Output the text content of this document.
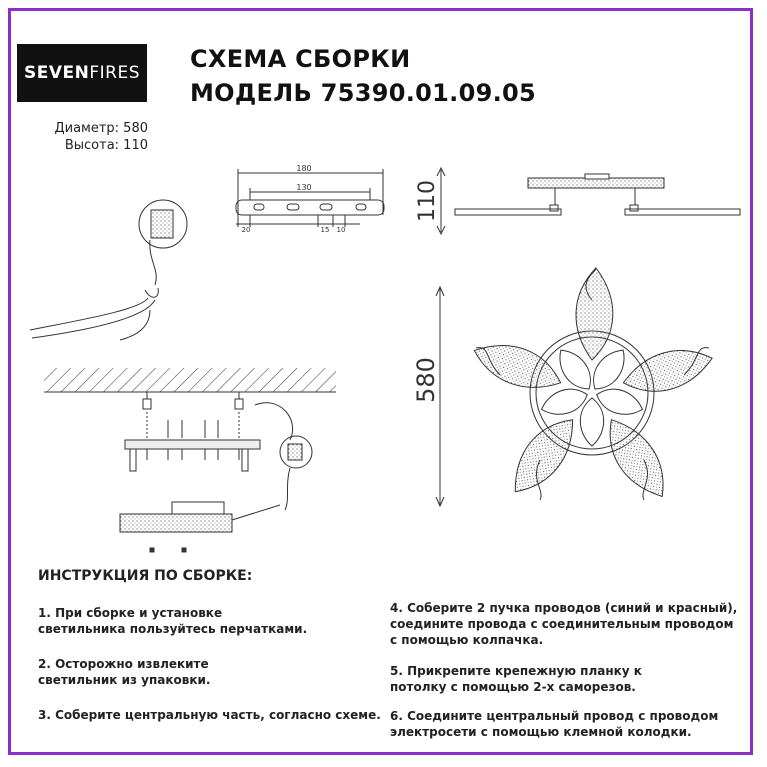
SEVEN FIRES СХЕМА СБОРКИ
МОДЕЛЬ 75390.01.09.05
Диаметр: 580
Высота: 110
180
130
20	15 10
110
580
ИНСТРУКЦИЯ ПО СБОРКЕ:
1. При сборке и установке
светильника пользуйтесь перчатками.
2. Осторожно извлеките
светильник из упаковки.
3. Соберите центральную часть, согласно схеме.
4. Соберите 2 пучка проводов (синий и красный),
соедините провода с соединительным проводом
с помощью колпачка.
5. Прикрепите крепежную планку к
потолку с помощью 2-х саморезов.
6. Соедините центральный провод с проводом
электросети с помощью клемной колодки.
